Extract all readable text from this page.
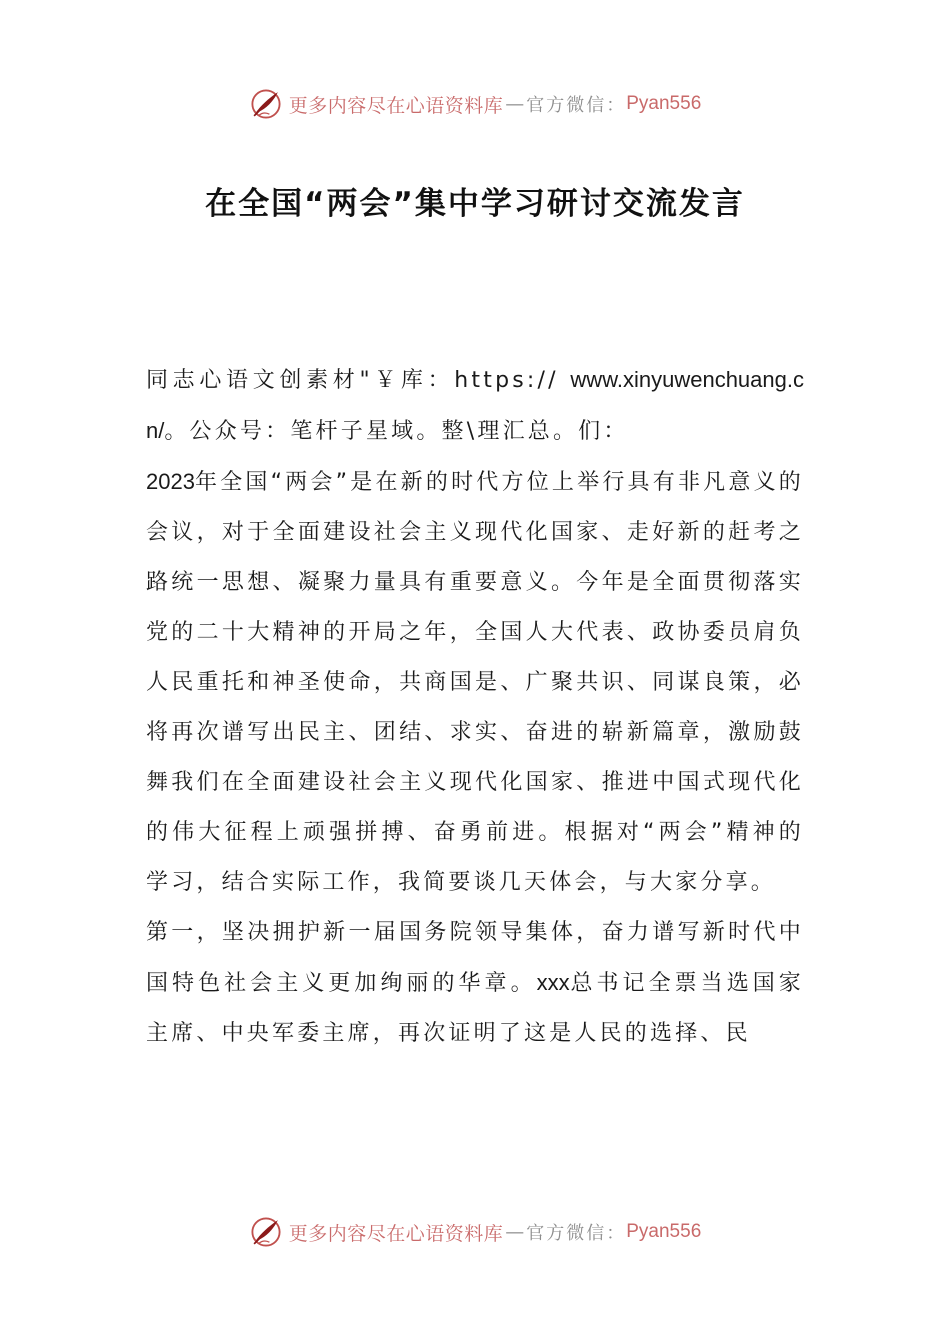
更多内容尽在心语资料库 — 官方微信： Pyan556
在全国“两会”集中学习研讨交流发言

同志心语文创素材"￥库：https:// www.xinyuwenchuang.cn/。公众号：笔杆子星域。整\理汇总。们：

2023年全国“两会”是在新的时代方位上举行具有非凡意义的会议，对于全面建设社会主义现代化国家、走好新的赶考之路统一思想、凝聚力量具有重要意义。今年是全面贯彻落实党的二十大精神的开局之年，全国人大代表、政协委员肩负人民重托和神圣使命，共商国是、广聚共识、同谋良策，必将再次谱写出民主、团结、求实、奋进的崭新篇章，激励鼓舞我们在全面建设社会主义现代化国家、推进中国式现代化的伟大征程上顽强拼搏、奋勇前进。根据对“两会”精神的学习，结合实际工作，我简要谈几天体会，与大家分享。

第一，坚决拥护新一届国务院领导集体，奋力谱写新时代中国特色社会主义更加绚丽的华章。xxx总书记全票当选国家主席、中央军委主席，再次证明了这是人民的选择、民

更多内容尽在心语资料库 — 官方微信： Pyan556
